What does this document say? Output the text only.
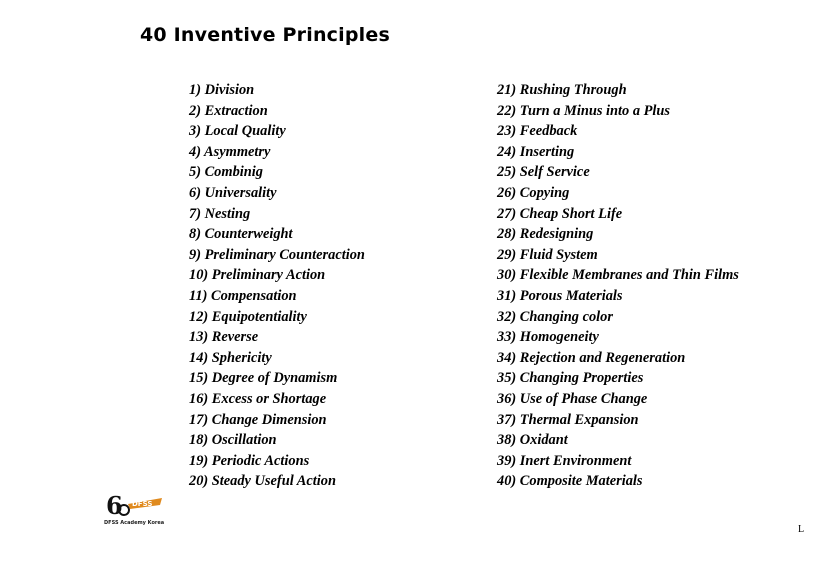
40 Inventive Principles
1) Division
2) Extraction
3) Local Quality
4) Asymmetry
5) Combinig
6) Universality
7) Nesting
8) Counterweight
9) Preliminary Counteraction
10) Preliminary Action
11) Compensation
12) Equipotentiality
13) Reverse
14) Sphericity
15) Degree of Dynamism
16) Excess or Shortage
17) Change Dimension
18) Oscillation
19) Periodic Actions
20) Steady Useful Action
21) Rushing Through
22) Turn a Minus into a Plus
23) Feedback
24) Inserting
25) Self Service
26) Copying
27) Cheap Short Life
28) Redesigning
29) Fluid System
30) Flexible Membranes and Thin Films
31) Porous Materials
32) Changing color
33) Homogeneity
34) Rejection and Regeneration
35) Changing Properties
36) Use of Phase Change
37) Thermal Expansion
38) Oxidant
39) Inert Environment
40) Composite Materials
6 DFSS
DFSS Academy Korea
L
